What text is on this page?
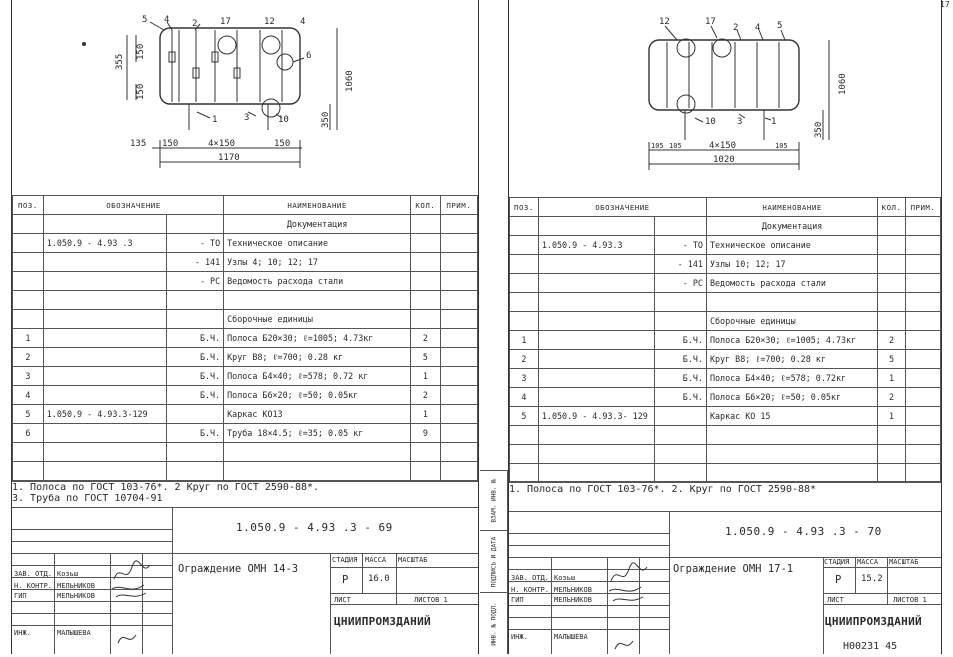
5 4	2	17	12	4
6
1	3	10
355
150
150	1060
350
135 150	4×150	150
1170
ПОЗ.	ОБОЗНАЧЕНИЕ		НАИМЕНОВАНИЕ	КОЛ.	ПРИМ.
			Документация		
	1.050.9 - 4.93 .3	- ТО	Техническое описание		
		- 141	Узлы 4; 10; 12; 17		
		- РС	Ведомость расхода стали		

			Сборочные единицы		
1		Б.Ч.	Полоса Б20×30; ℓ=1005; 4.73кг	2	
2		Б.Ч.	Круг В8; ℓ=700; 0.28 кг	5	
3		Б.Ч.	Полоса Б4×40; ℓ=578; 0.72 кг	1	
4		Б.Ч.	Полоса Б6×20; ℓ=50; 0.05кг	2	
5	1.050.9 - 4.93.3-129		Каркас КО13	1	
6		Б.Ч.	Труба 18×4.5; ℓ=35; 0.05 кг	9	

1. Полоса по ГОСТ 103-76*. 2 Круг по ГОСТ 2590-88*.
3. Труба по ГОСТ 10704-91
1.050.9 - 4.93 .3 - 69
Ограждение ОМН 14-3
СТАДИЯ МАССА МАСШТАБ
Р 16.0
ЛИСТ	ЛИСТОВ 1
ЦНИИПРОМЗДАНИЙ
ЗАВ. ОТД. Козьш
Н. КОНТР. МЕЛЬНИКОВ
ГИП	МЕЛЬНИКОВ
ИНЖ.	МАЛЫШЕВА
ВЗАМ. ИНВ. №
ПОДПИСЬ И ДАТА
ИНВ. № ПОДЛ.
12	17
2 4 5
10 3	1
1060
350
105 105	4×150	105
1020
ПОЗ.	ОБОЗНАЧЕНИЕ		НАИМЕНОВАНИЕ	КОЛ.	ПРИМ.
			Документация		
	1.050.9 - 4.93.3	- ТО	Техническое описание		
		- 141	Узлы 10; 12; 17		
		- РС	Ведомость расхода стали		

			Сборочные единицы		
1		Б.Ч.	Полоса Б20×30; ℓ=1005; 4.73кг	2	
2		Б.Ч.	Круг В8; ℓ=700; 0.28 кг	5	
3		Б.Ч.	Полоса Б4×40; ℓ=578; 0.72кг	1	
4		Б.Ч.	Полоса Б6×20; ℓ=50; 0.05кг	2	
5	1.050.9 - 4.93.3- 129		Каркас КО 15	1	

1. Полоса по ГОСТ 103-76*. 2. Круг по ГОСТ 2590-88*
1.050.9 - 4.93 .3 - 70
Ограждение ОМН 17-1
СТАДИЯ МАССА МАСШТАБ
Р 15.2
ЛИСТ	ЛИСТОВ 1
ЦНИИПРОМЗДАНИЙ
ЗАВ. ОТД. Козьш
Н. КОНТР. МЕЛЬНИКОВ
ГИП	МЕЛЬНИКОВ
ИНЖ.	МАЛЫШЕВА
Н00231 45
17
